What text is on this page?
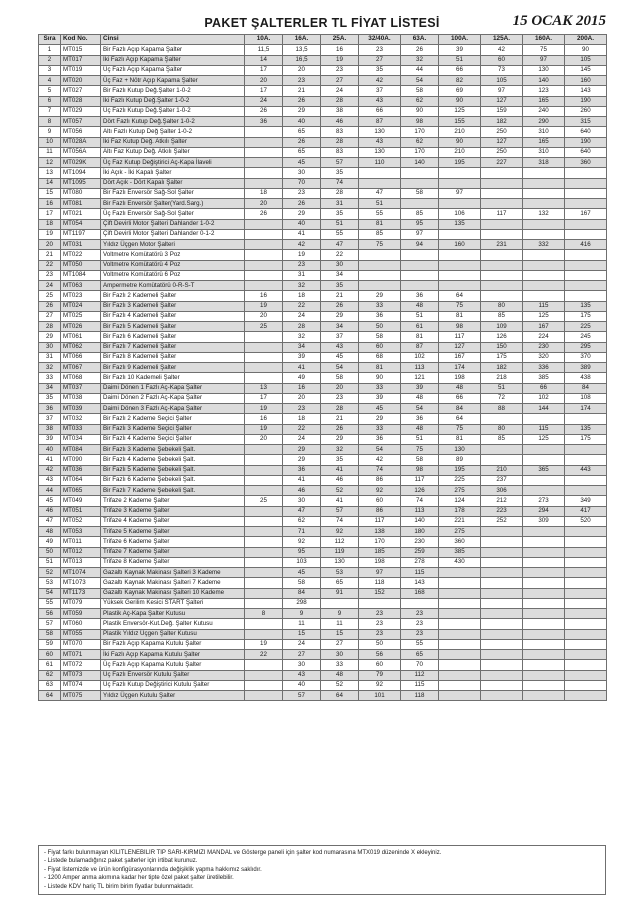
PAKET ŞALTERLER TL FİYAT LİSTESİ	15 OCAK 2015
Sıra	Kod No.	Cinsi	10A.	16A.	25A.	32/40A.	63A.	100A.	125A.	160A.	200A.
1	MT015	Bir Fazlı Açıp Kapama Şalter	11,5	13,5	16	23	26	39	42	75	90
2	MT017	İki Fazlı Açıp Kapama Şalter	14	16,5	19	27	32	51	60	97	105
3	MT019	Üç Fazlı Açıp Kapama Şalter	17	20	23	35	44	66	73	130	145
4	MT020	Üç Faz + Nötr Açıp Kapama Şalter	20	23	27	42	54	82	105	140	160
5	MT027	Bir Fazlı Kutup Değ.Şalter 1-0-2	17	21	24	37	58	69	97	123	143
6	MT028	İki Fazlı Kutup Değ.Şalter 1-0-2	24	26	28	43	62	90	127	165	190
7	MT029	Üç Fazlı Kutup Değ.Şalter 1-0-2	26	29	38	66	90	125	159	240	260
8	MT057	Dört Fazlı Kutup Değ.Şalter 1-0-2	36	40	46	87	98	155	182	290	315
9	MT056	Altı Fazlı Kutup Değ Şalter 1-0-2		65	83	130	170	210	250	310	640
10	MT028A	İki Faz Kutup Değ. Atkılı Şalter		26	28	43	62	90	127	165	190
11	MT056A	Altı Faz Kutup Değ. Atkılı Şalter		65	83	130	170	210	250	310	640
12	MT029K	Üç Faz Kutup Değiştirici Aç-Kapa İlaveli		45	57	110	140	195	227	318	360
13	MT1094	İki Açık - İki Kapalı Şalter		30	35						
14	MT1095	Dört Açık - Dört Kapalı Şalter		70	74						
15	MT080	Bir Fazlı Enversör Sağ-Sol Şalter	18	23	28	47	58	97			
16	MT081	Bir Fazlı Enversör Şalter(Yard.Sarg.)	20	26	31	51					
17	MT021	Üç Fazlı Enversör Sağ-Sol Şalter	26	29	35	55	85	106	117	132	167
18	MT054	Çift Devirli Motor Şalteri Dahlander 1-0-2		40	51	81	95	135			
19	MT1197	Çift Devirli Motor Şalteri Dahlander 0-1-2		41	55	85	97				
20	MT031	Yıldız Üçgen Motor Şalteri		42	47	75	94	160	231	332	416
21	MT022	Voltmetre Komütatörü 3 Poz		19	22						
22	MT050	Voltmetre Komütatörü 4 Poz		23	30						
23	MT1084	Voltmetre Komütatörü 6 Poz		31	34						
24	MT063	Ampermetre Komütatörü 0-R-S-T		32	35						
25	MT023	Bir Fazlı 2 Kademeli Şalter	16	18	21	29	36	64			
26	MT024	Bir Fazlı 3 Kademeli Şalter	19	22	26	33	48	75	80	115	135
27	MT025	Bir Fazlı 4 Kademeli Şalter	20	24	29	36	51	81	85	125	175
28	MT026	Bir Fazlı 5 Kademeli Şalter	25	28	34	50	61	98	109	167	225
29	MT061	Bir Fazlı 6 Kademeli Şalter		32	37	58	81	117	126	224	245
30	MT062	Bir Fazlı 7 Kademeli Şalter		34	43	60	87	127	150	230	295
31	MT066	Bir Fazlı 8 Kademeli Şalter		39	45	68	102	167	175	320	370
32	MT067	Bir Fazlı 9 Kademeli Şalter		41	54	81	113	174	182	336	389
33	MT068	Bir Fazlı 10 Kademeli Şalter		49	58	90	121	198	218	385	438
34	MT037	Daimi Dönen 1 Fazlı Aç-Kapa Şalter	13	16	20	33	39	48	51	66	84
35	MT038	Daimi Dönen 2 Fazlı Aç-Kapa Şalter	17	20	23	39	48	66	72	102	108
36	MT039	Daimi Dönen 3 Fazlı Aç-Kapa Şalter	19	23	28	45	54	84	88	144	174
37	MT032	Bir Fazlı 2 Kademe Seçici Şalter	16	18	21	29	36	64			
38	MT033	Bir Fazlı 3 Kademe Seçici Şalter	19	22	26	33	48	75	80	115	135
39	MT034	Bir Fazlı 4 Kademe Seçici Şalter	20	24	29	36	51	81	85	125	175
40	MT084	Bir Fazlı 3 Kademe Şebekeli Şalt.		29	32	54	75	130			
41	MT090	Bir Fazlı 4 Kademe Şebekeli Şalt.		29	35	42	58	89			
42	MT036	Bir Fazlı 5 Kademe Şebekeli Şalt.		36	41	74	98	195	210	365	443
43	MT064	Bir Fazlı 6 Kademe Şebekeli Şalt.		41	46	86	117	225	237		
44	MT065	Bir Fazlı 7 Kademe Şebekeli Şalt.		46	52	92	126	275	306		
45	MT049	Trifaze 2 Kademe Şalter	25	30	41	60	74	124	212	273	349
46	MT051	Trifaze 3 Kademe Şalter		47	57	86	113	178	223	294	417
47	MT052	Trifaze 4 Kademe Şalter		62	74	117	140	221	252	309	520
48	MT053	Trifaze 5 Kademe Şalter		71	92	138	180	275			
49	MT011	Trifaze 6 Kademe Şalter		92	112	170	230	360			
50	MT012	Trifaze 7 Kademe Şalter		95	119	185	259	385			
51	MT013	Trifaze 8 Kademe Şalter		103	130	198	278	430			
52	MT1074	Gazaltı Kaynak Makinası Şalteri 3 Kademe		45	53	97	115				
53	MT1073	Gazaltı Kaynak Makinası Şalteri 7 Kademe		58	65	118	143				
54	MT1173	Gazaltı Kaynak Makinası Şalteri 10 Kademe		84	91	152	168				
55	MT079	Yüksek Gerilim Kesici START Şalteri		298							
56	MT059	Plastik Aç-Kapa Şalter Kutusu	8	9	9	23	23				
57	MT060	Plastik Enversör-Kut.Değ. Şalter Kutusu		11	11	23	23				
58	MT055	Plastik Yıldız Üçgen Şalter Kutusu		15	15	23	23				
59	MT070	Bir Fazlı Açıp Kapama Kutulu Şalter	19	24	27	50	55				
60	MT071	İki Fazlı Açıp Kapama Kutulu Şalter	22	27	30	56	65				
61	MT072	Üç Fazlı Açıp Kapama Kutulu Şalter		30	33	60	70				
62	MT073	Üç Fazlı Enversör Kutulu Şalter		43	48	79	112				
63	MT074	Üç Fazlı Kutup Değiştirici Kutulu Şalter		40	52	92	115				
64	MT075	Yıldız Üçgen Kutulu Şalter		57	64	101	118				
- Fiyat farkı bulunmayan KİLİTLENEBİLİR TİP SARI-KIRMIZI MANDAL ve Gösterge paneli için şalter kod numarasına MTX019 düzeninde X ekleyiniz.
- Listede bulamadığınız paket şalterler için irtibat kurunuz.
- Fiyat listemizde ve ürün konfigürasyonlarında değişiklik yapma hakkımız saklıdır.
- 1200 Amper anma akımına kadar her tipte özel paket şalter üretilebilir.
- Listede KDV hariç TL birim birim fiyatlar bulunmaktadır.
